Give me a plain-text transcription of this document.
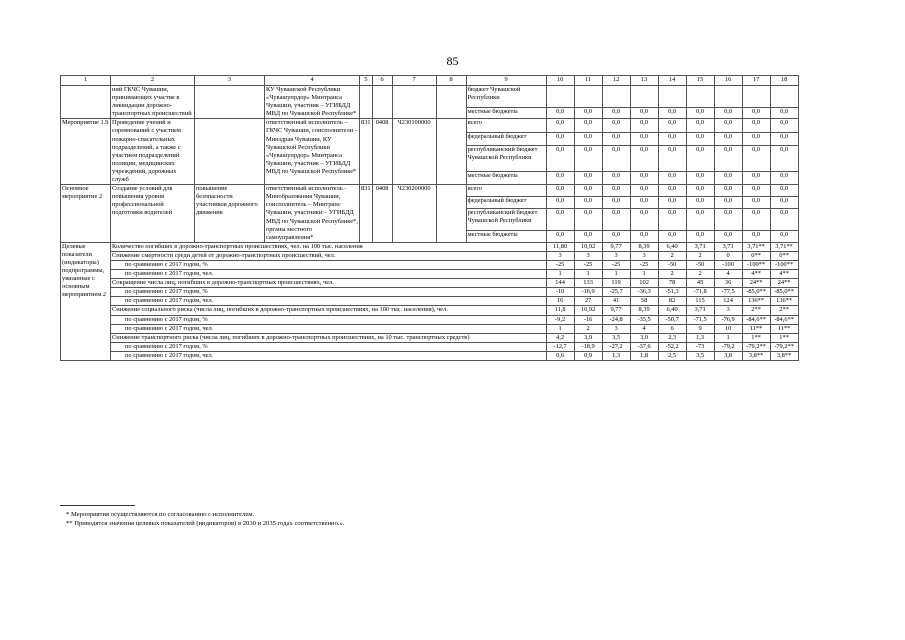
85
1	2	3	4	5	6	7	8	9	10	11	12	13	14	15	16	17	18
	ний ГКЧС Чувашии, принимающих участие в ликвидации дорожно-транспортных происшествий		КУ Чувашской Республики «Чувашупрдор» Минтранса Чувашии, участник – УГИБДД МВД по Чувашской Республике*					бюджет Чувашской Республики									
								местные бюджеты	0,0	0,0	0,0	0,0	0,0	0,0	0,0	0,0	0,0
Мероприятие 1.9	Проведение учений и соревнований с участием пожарно-спасательных подразделений, а также с участием подразделений полиции, медицинских учреждений, дорожных служб		ответственный исполнитель – ГКЧС Чувашии, соисполнители – Минздрав Чувашии, КУ Чувашской Республики «Чувашупрдор» Минтранса Чувашии, участник – УГИБДД МВД по Чувашской Республике*	831	0408	Ч230100000		всего	0,0	0,0	0,0	0,0	0,0	0,0	0,0	0,0	0,0
								федеральный бюджет	0,0	0,0	0,0	0,0	0,0	0,0	0,0	0,0	0,0
								республиканский бюджет Чувашской Республики	0,0	0,0	0,0	0,0	0,0	0,0	0,0	0,0	0,0
								местные бюджеты	0,0	0,0	0,0	0,0	0,0	0,0	0,0	0,0	0,0
Основное мероприятие 2	Создание условий для повышения уровня профессиональной подготовки водителей	повышение безопасности участников дорожного движения	ответственный исполнитель - Минобразования Чувашии, соисполнитель – Минтранс Чувашии, участники – УГИБДД МВД по Чувашской Республике*, органы местного самоуправления*	831	0408	Ч230200000		всего	0,0	0,0	0,0	0,0	0,0	0,0	0,0	0,0	0,0
								федеральный бюджет	0,0	0,0	0,0	0,0	0,0	0,0	0,0	0,0	0,0
								республиканский бюджет Чувашской Республики	0,0	0,0	0,0	0,0	0,0	0,0	0,0	0,0	0,0
								местные бюджеты	0,0	0,0	0,0	0,0	0,0	0,0	0,0	0,0	0,0
Целевые показатели (индикаторы) подпрограммы, увязанные с основным мероприятием 2	Количество погибших в дорожно-транспортных происшествиях, чел. на 100 тыс. населения								11,80	10,92	9,77	8,39	6,40	3,71	3,71	3,71**	3,71**
	Снижение смертности среди детей от дорожно-транспортных происшествий, чел.								3	3	3	3	2	2	0	0**	0**
	по сравнению с 2017 годом, %								-25	-25	-25	-25	-50	-50	-100	-100**	-100**
	по сравнению с 2017 годом, чел.								1	1	1	1	2	2	4	4**	4**
	Сокращение числа лиц, погибших в дорожно-транспортных происшествиях, чел.								144	133	119	102	78	45	36	24**	24**
	по сравнению с 2017 годом, %								-10	-16,9	-25,7	-36,3	-51,3	-71,8	-77,5	-85,0**	-85,0**
	по сравнению с 2017 годом, чел.								16	27	41	58	82	115	124	136**	136**
	Снижение социального риска (числа лиц, погибших в дорожно-транспортных происшествиях, на 100 тыс. населения), чел.								11,8	10,92	9,77	8,39	6,40	3,71	3	2**	2**
	по сравнению с 2017 годом, %								-9,2	-16	-24,8	-35,5	-50,7	-71,5	-76,9	-84,6**	-84,6**
	по сравнению с 2017 годом, чел.								1	2	3	4	6	9	10	11**	11**
	Снижение транспортного риска (числа лиц, погибших в дорожно-транспортных происшествиях, на 10 тыс. транспортных средств)								4,2	3,9	3,5	3,0	2,3	1,3	1	1**	1**
	по сравнению с 2017 годом, %								-12,7	-18,9	-27,2	-37,6	-52,2	-73	-79,2	-79,2**	-79,2**
	по сравнению с 2017 годом, чел.								0,6	0,9	1,3	1,8	2,5	3,5	3,8	3,8**	3,8**
* Мероприятия осуществляются по согласованию с исполнителем.
** Приводятся значения целевых показателей (индикаторов) в 2030 и 2035 годах соответственно.».
